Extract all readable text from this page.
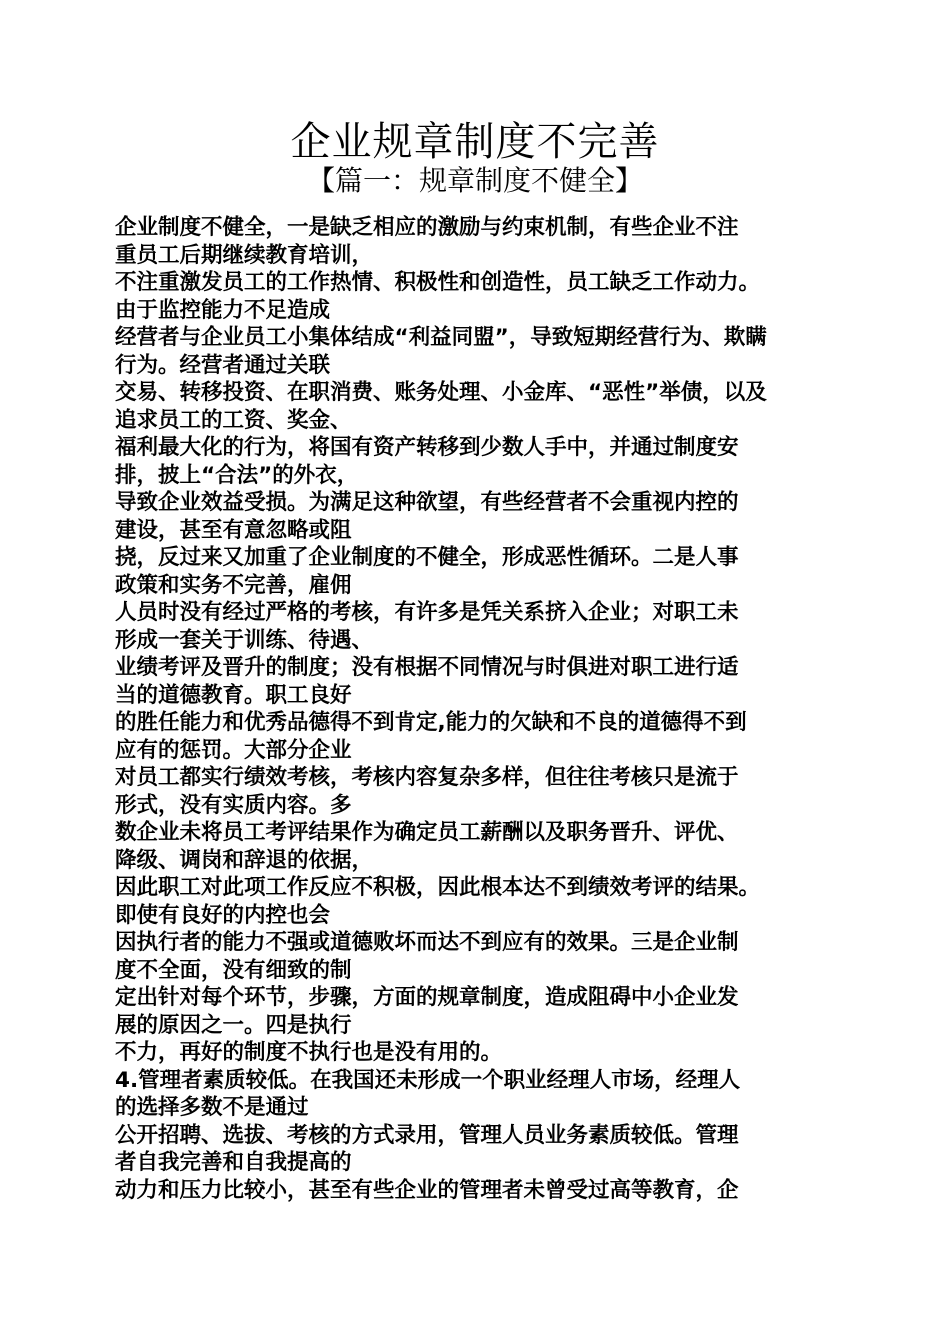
企业规章制度不完善
【篇一：规章制度不健全】

企业制度不健全，一是缺乏相应的激励与约束机制，有些企业不注

重员工后期继续教育培训，

不注重激发员工的工作热情、积极性和创造性，员工缺乏工作动力。

由于监控能力不足造成

经营者与企业员工小集体结成“利益同盟”，导致短期经营行为、欺瞒

行为。经营者通过关联

交易、转移投资、在职消费、账务处理、小金库、“恶性”举债，以及

追求员工的工资、奖金、

福利最大化的行为，将国有资产转移到少数人手中，并通过制度安

排，披上“合法”的外衣，

导致企业效益受损。为满足这种欲望，有些经营者不会重视内控的

建设，甚至有意忽略或阻

挠，反过来又加重了企业制度的不健全，形成恶性循环。二是人事

政策和实务不完善，雇佣

人员时没有经过严格的考核，有许多是凭关系挤入企业；对职工未

形成一套关于训练、待遇、

业绩考评及晋升的制度；没有根据不同情况与时俱进对职工进行适

当的道德教育。职工良好

的胜任能力和优秀品德得不到肯定,能力的欠缺和不良的道德得不到

应有的惩罚。大部分企业

对员工都实行绩效考核，考核内容复杂多样，但往往考核只是流于

形式，没有实质内容。多

数企业未将员工考评结果作为确定员工薪酬以及职务晋升、评优、

降级、调岗和辞退的依据，

因此职工对此项工作反应不积极，因此根本达不到绩效考评的结果。

即使有良好的内控也会

因执行者的能力不强或道德败坏而达不到应有的效果。三是企业制

度不全面，没有细致的制

定出针对每个环节，步骤，方面的规章制度，造成阻碍中小企业发

展的原因之一。四是执行

不力，再好的制度不执行也是没有用的。

4.管理者素质较低。在我国还未形成一个职业经理人市场，经理人

的选择多数不是通过

公开招聘、选拔、考核的方式录用，管理人员业务素质较低。管理

者自我完善和自我提高的

动力和压力比较小，甚至有些企业的管理者未曾受过高等教育，企
